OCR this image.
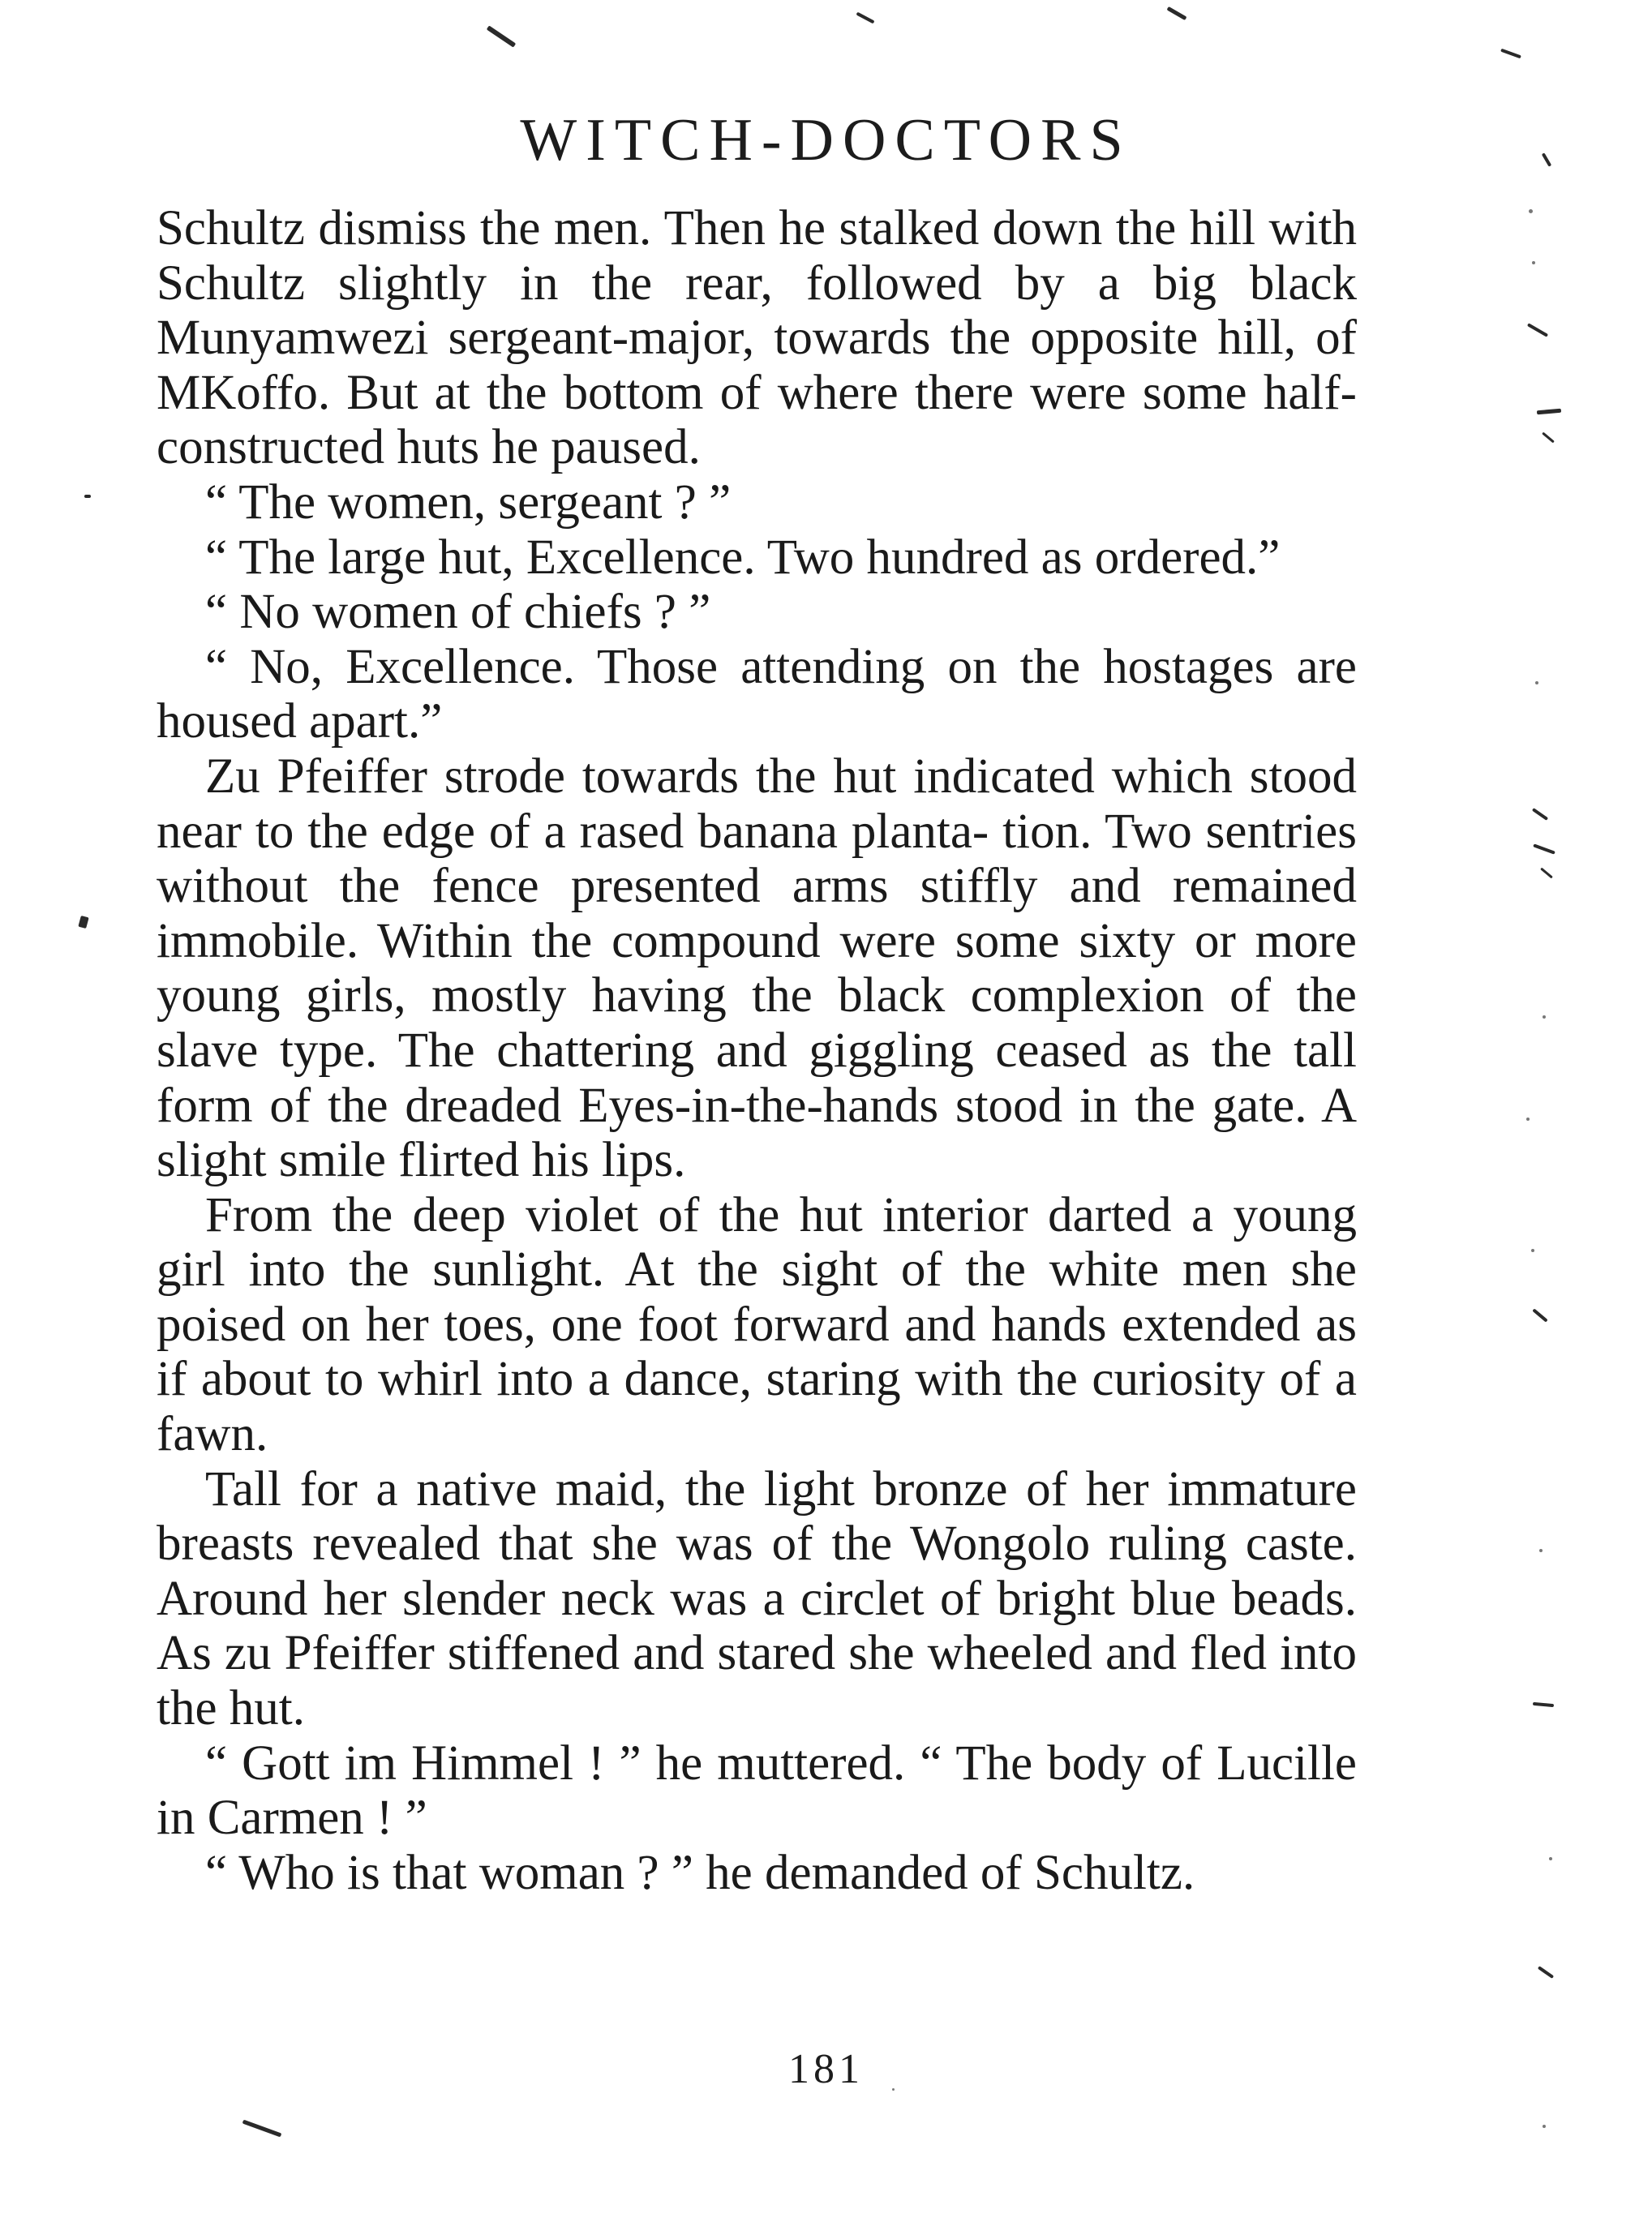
WITCH-DOCTORS

Schultz dismiss the men. Then he stalked down the hill with Schultz slightly in the rear, followed by a big black Munyamwezi sergeant-major, towards the opposite hill, of MKoffo. But at the bottom of where there were some half-constructed huts he paused.

“ The women, sergeant ? ”

“ The large hut, Excellence. Two hundred as ordered.”

“ No women of chiefs ? ”

“ No, Excellence. Those attending on the hostages are housed apart.”

Zu Pfeiffer strode towards the hut indicated which stood near to the edge of a rased banana planta- tion. Two sentries without the fence presented arms stiffly and remained immobile. Within the compound were some sixty or more young girls, mostly having the black complexion of the slave type. The chattering and giggling ceased as the tall form of the dreaded Eyes-in-the-hands stood in the gate. A slight smile flirted his lips.

From the deep violet of the hut interior darted a young girl into the sunlight. At the sight of the white men she poised on her toes, one foot forward and hands extended as if about to whirl into a dance, staring with the curiosity of a fawn.

Tall for a native maid, the light bronze of her immature breasts revealed that she was of the Wongolo ruling caste. Around her slender neck was a circlet of bright blue beads. As zu Pfeiffer stiffened and stared she wheeled and fled into the hut.

“ Gott im Himmel ! ” he muttered. “ The body of Lucille in Carmen ! ”

“ Who is that woman ? ” he demanded of Schultz.

181
